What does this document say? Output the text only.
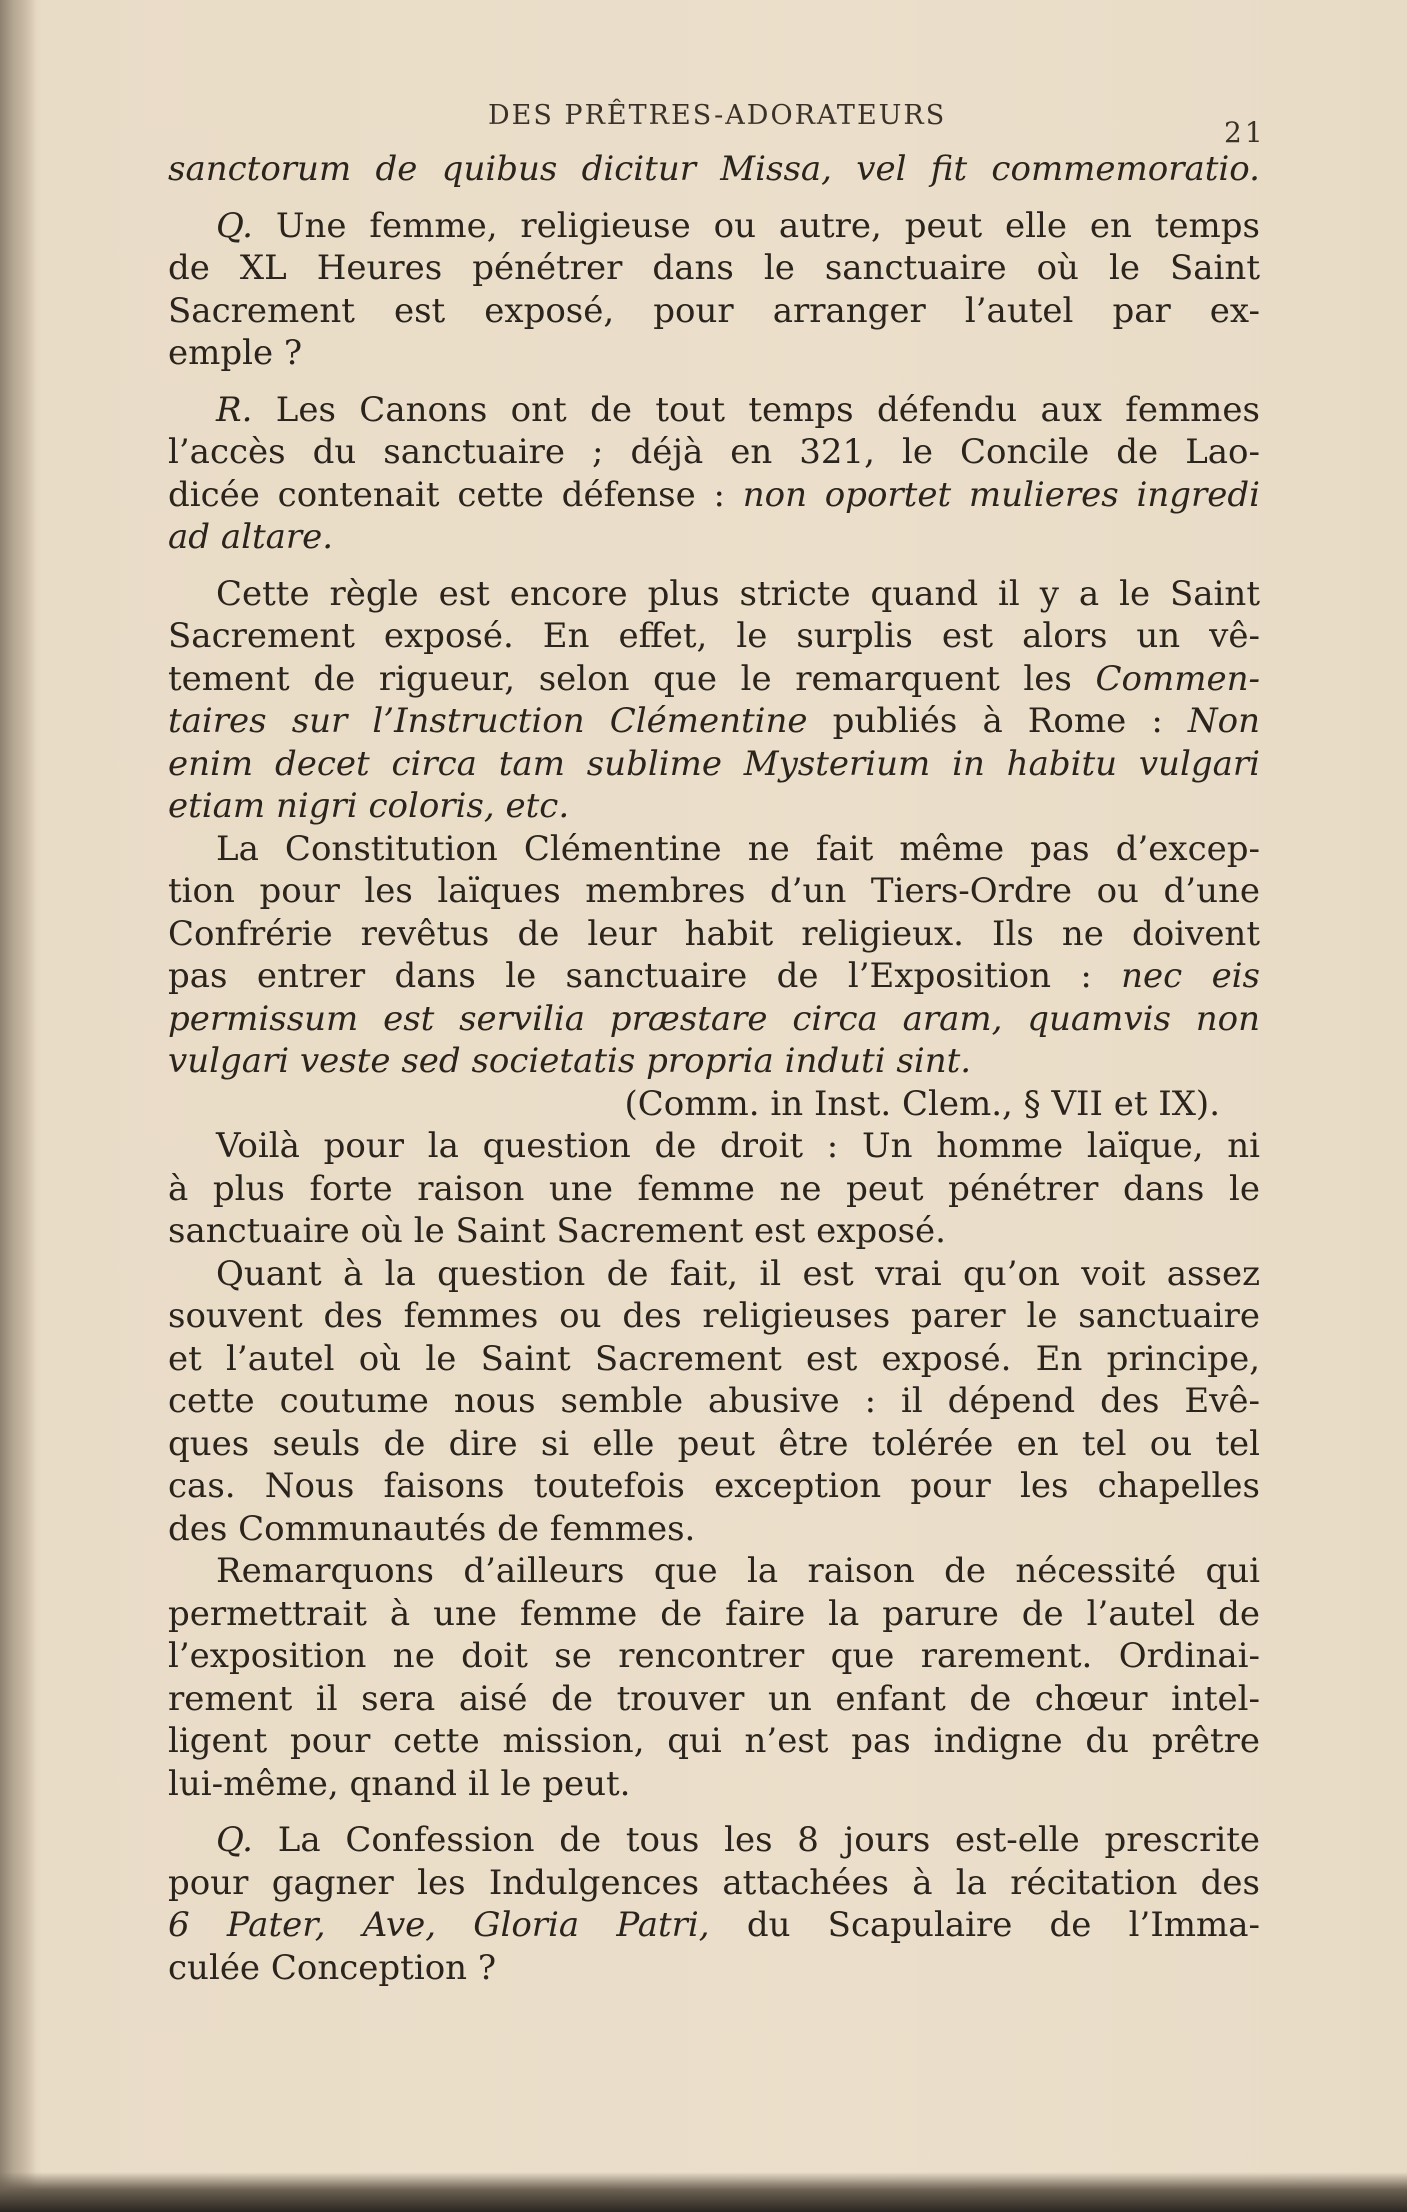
DES PRÊTRES-ADORATEURS
21
sanctorum de quibus dicitur Missa, vel fit commemoratio.
Q. Une femme, religieuse ou autre, peut elle en temps
de XL Heures pénétrer dans le sanctuaire où le Saint
Sacrement est exposé, pour arranger l’autel par ex-
emple ?
R. Les Canons ont de tout temps défendu aux femmes
l’accès du sanctuaire ; déjà en 321, le Concile de Lao-
dicée contenait cette défense : non oportet mulieres ingredi
ad altare.
Cette règle est encore plus stricte quand il y a le Saint
Sacrement exposé. En effet, le surplis est alors un vê-
tement de rigueur, selon que le remarquent les Commen-
taires sur l’Instruction Clémentine publiés à Rome : Non
enim decet circa tam sublime Mysterium in habitu vulgari
etiam nigri coloris, etc.
La Constitution Clémentine ne fait même pas d’excep-
tion pour les laïques membres d’un Tiers-Ordre ou d’une
Confrérie revêtus de leur habit religieux. Ils ne doivent
pas entrer dans le sanctuaire de l’Exposition : nec eis
permissum est servilia præstare circa aram, quamvis non
vulgari veste sed societatis propria induti sint.
(Comm. in Inst. Clem., § VII et IX).
Voilà pour la question de droit : Un homme laïque, ni
à plus forte raison une femme ne peut pénétrer dans le
sanctuaire où le Saint Sacrement est exposé.
Quant à la question de fait, il est vrai qu’on voit assez
souvent des femmes ou des religieuses parer le sanctuaire
et l’autel où le Saint Sacrement est exposé. En principe,
cette coutume nous semble abusive : il dépend des Evê-
ques seuls de dire si elle peut être tolérée en tel ou tel
cas. Nous faisons toutefois exception pour les chapelles
des Communautés de femmes.
Remarquons d’ailleurs que la raison de nécessité qui
permettrait à une femme de faire la parure de l’autel de
l’exposition ne doit se rencontrer que rarement. Ordinai-
rement il sera aisé de trouver un enfant de chœur intel-
ligent pour cette mission, qui n’est pas indigne du prêtre
lui-même, qnand il le peut.
Q. La Confession de tous les 8 jours est-elle prescrite
pour gagner les Indulgences attachées à la récitation des
6 Pater, Ave, Gloria Patri, du Scapulaire de l’Imma-
culée Conception ?
